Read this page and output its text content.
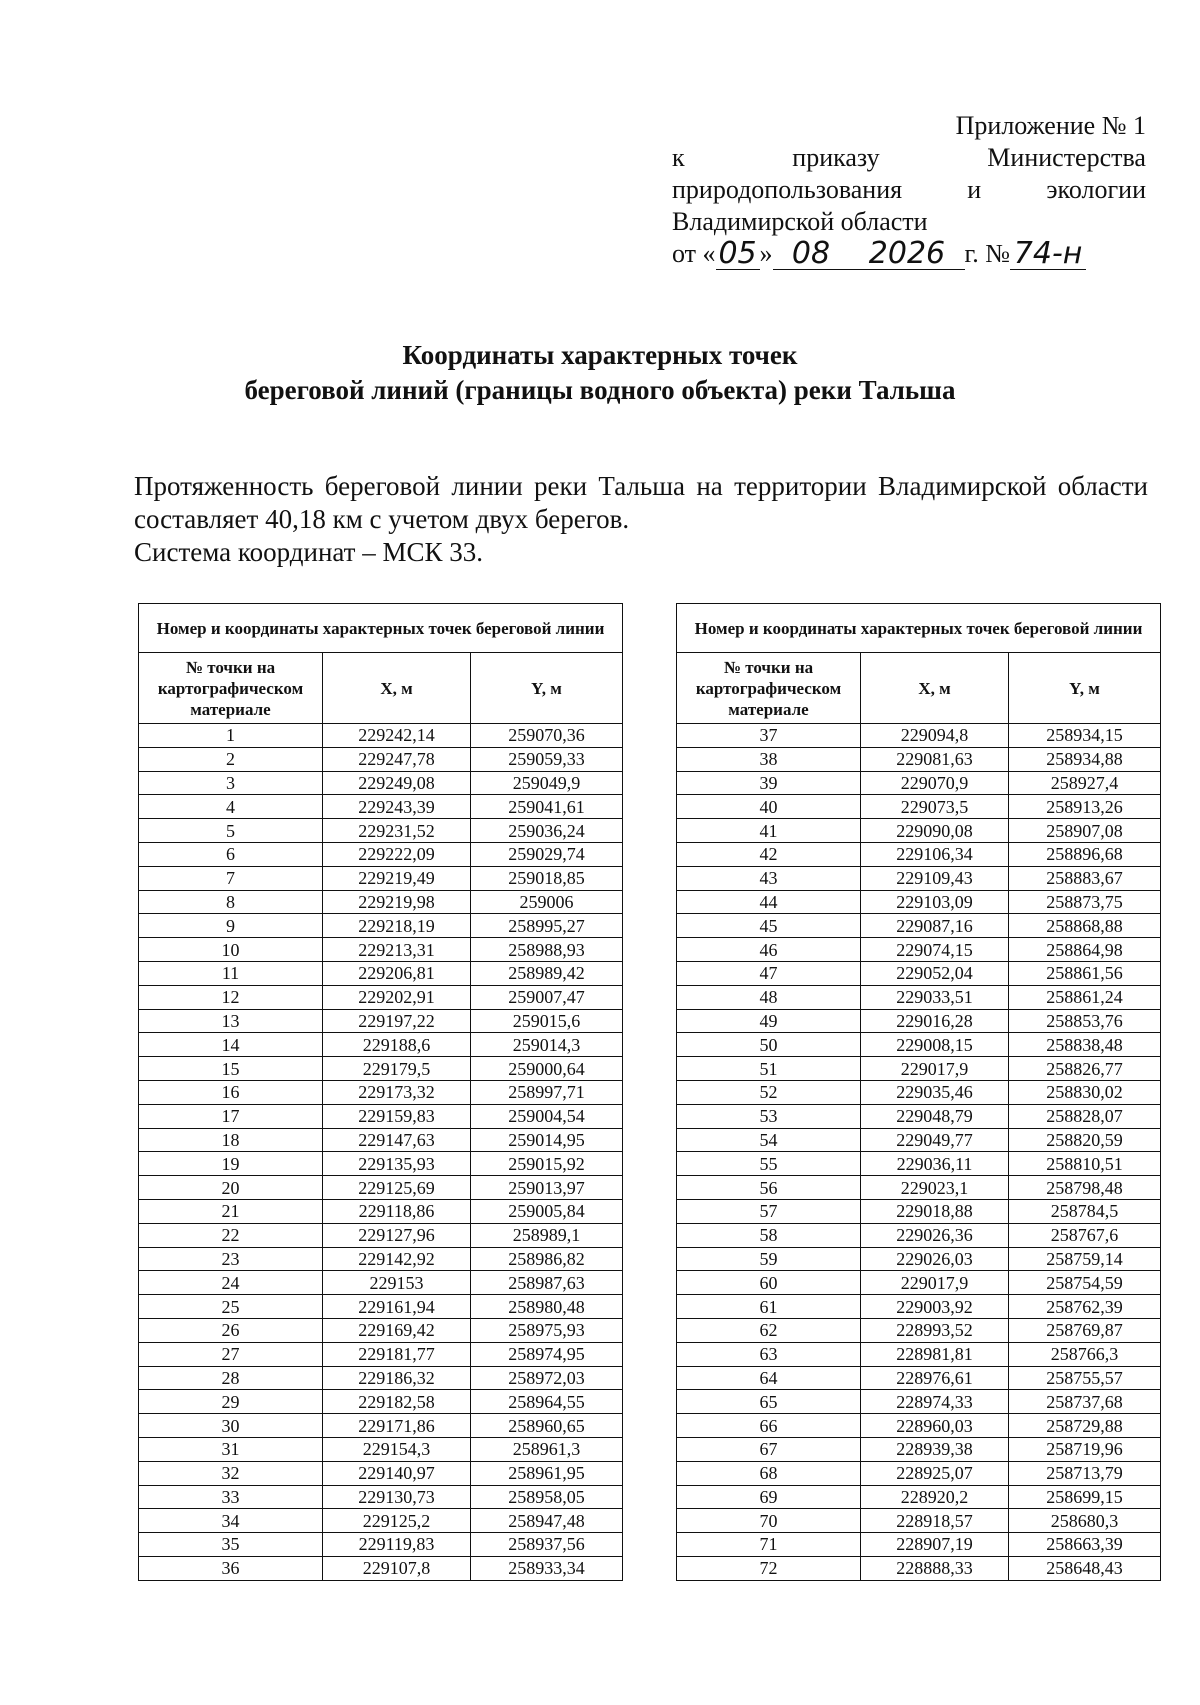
Приложение № 1
к	приказу	Министерства
природопользования	и	экологии
Владимирской области
от « 05 » 08 2026 г. № 74-н
Координаты характерных точек
береговой линий (границы водного объекта) реки Тальша

Протяженность береговой линии реки Тальша на территории Владимирской области составляет 40,18 км с учетом двух берегов.

Система координат – МСК 33.

Номер и координаты характерных точек береговой линии		
№ точки на картографическом материале	X, м	Y, м
1	229242,14	259070,36
2	229247,78	259059,33
3	229249,08	259049,9
4	229243,39	259041,61
5	229231,52	259036,24
6	229222,09	259029,74
7	229219,49	259018,85
8	229219,98	259006
9	229218,19	258995,27
10	229213,31	258988,93
11	229206,81	258989,42
12	229202,91	259007,47
13	229197,22	259015,6
14	229188,6	259014,3
15	229179,5	259000,64
16	229173,32	258997,71
17	229159,83	259004,54
18	229147,63	259014,95
19	229135,93	259015,92
20	229125,69	259013,97
21	229118,86	259005,84
22	229127,96	258989,1
23	229142,92	258986,82
24	229153	258987,63
25	229161,94	258980,48
26	229169,42	258975,93
27	229181,77	258974,95
28	229186,32	258972,03
29	229182,58	258964,55
30	229171,86	258960,65
31	229154,3	258961,3
32	229140,97	258961,95
33	229130,73	258958,05
34	229125,2	258947,48
35	229119,83	258937,56
36	229107,8	258933,34
Номер и координаты характерных точек береговой линии		
№ точки на картографическом материале	X, м	Y, м
37	229094,8	258934,15
38	229081,63	258934,88
39	229070,9	258927,4
40	229073,5	258913,26
41	229090,08	258907,08
42	229106,34	258896,68
43	229109,43	258883,67
44	229103,09	258873,75
45	229087,16	258868,88
46	229074,15	258864,98
47	229052,04	258861,56
48	229033,51	258861,24
49	229016,28	258853,76
50	229008,15	258838,48
51	229017,9	258826,77
52	229035,46	258830,02
53	229048,79	258828,07
54	229049,77	258820,59
55	229036,11	258810,51
56	229023,1	258798,48
57	229018,88	258784,5
58	229026,36	258767,6
59	229026,03	258759,14
60	229017,9	258754,59
61	229003,92	258762,39
62	228993,52	258769,87
63	228981,81	258766,3
64	228976,61	258755,57
65	228974,33	258737,68
66	228960,03	258729,88
67	228939,38	258719,96
68	228925,07	258713,79
69	228920,2	258699,15
70	228918,57	258680,3
71	228907,19	258663,39
72	228888,33	258648,43
